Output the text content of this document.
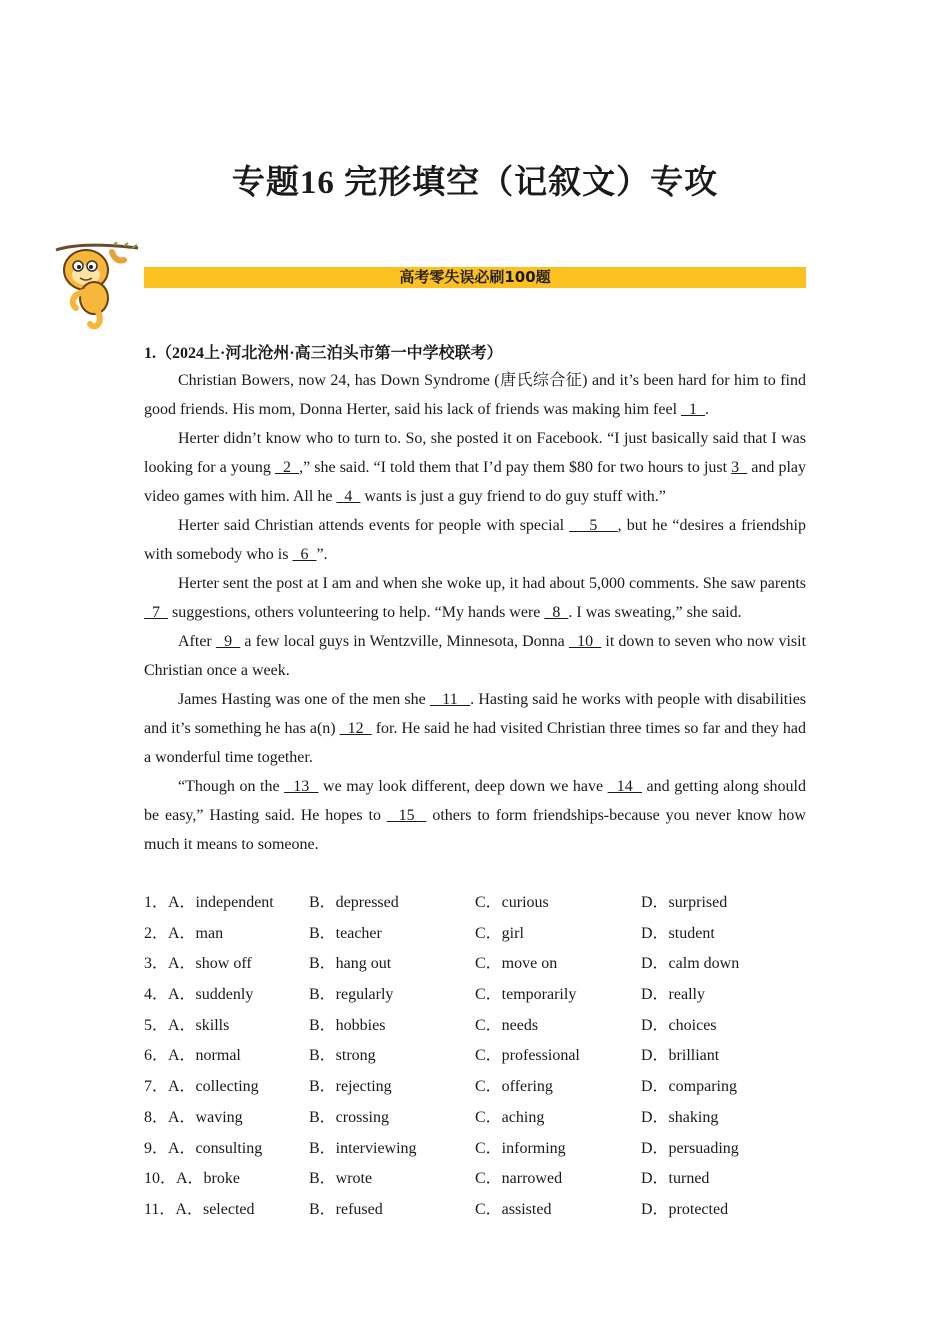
专题16 完形填空（记叙文）专攻
高考零失误必刷100题
1.（2024上·河北沧州·高三泊头市第一中学校联考）

Christian Bowers, now 24, has Down Syndrome (唐氏综合征) and it’s been hard for him to find good friends. His mom, Donna Herter, said his lack of friends was making him feel   1  .

Herter didn’t know who to turn to. So, she posted it on Facebook. “I just basically said that I was looking for a young   2  ,” she said. “I told them that I’d pay them $80 for two hours to just 3   and play video games with him. All he   4   wants is just a guy friend to do guy stuff with.”

Herter said Christian attends events for people with special     5    , but he “desires a friendship with somebody who is   6  ”.

Herter sent the post at I am and when she woke up, it had about 5,000 comments. She saw parents   7   suggestions, others volunteering to help. “My hands were   8  . I was sweating,” she said.

After   9   a few local guys in Wentzville, Minnesota, Donna   10   it down to seven who now visit Christian once a week.

James Hasting was one of the men she    11   . Hasting said he works with people with disabilities and it’s something he has a(n)   12   for. He said he had visited Christian three times so far and they had a wonderful time together.

“Though on the   13   we may look different, deep down we have   14   and getting along should be easy,” Hasting said. He hopes to   15   others to form friendships-because you never know how much it means to someone.

1．A．independent B．depressed	C．curious	D．surprised
2．A．man	B．teacher	C．girl	D．student
3．A．show off	B．hang out	C．move on	D．calm down
4．A．suddenly	B．regularly	C．temporarily	D．really
5．A．skills	B．hobbies	C．needs	D．choices
6．A．normal	B．strong	C．professional	D．brilliant
7．A．collecting	B．rejecting	C．offering	D．comparing
8．A．waving	B．crossing	C．aching	D．shaking
9．A．consulting	B．interviewing	C．informing	D．persuading
10．A．broke	B．wrote	C．narrowed	D．turned
11．A．selected	B．refused	C．assisted	D．protected
